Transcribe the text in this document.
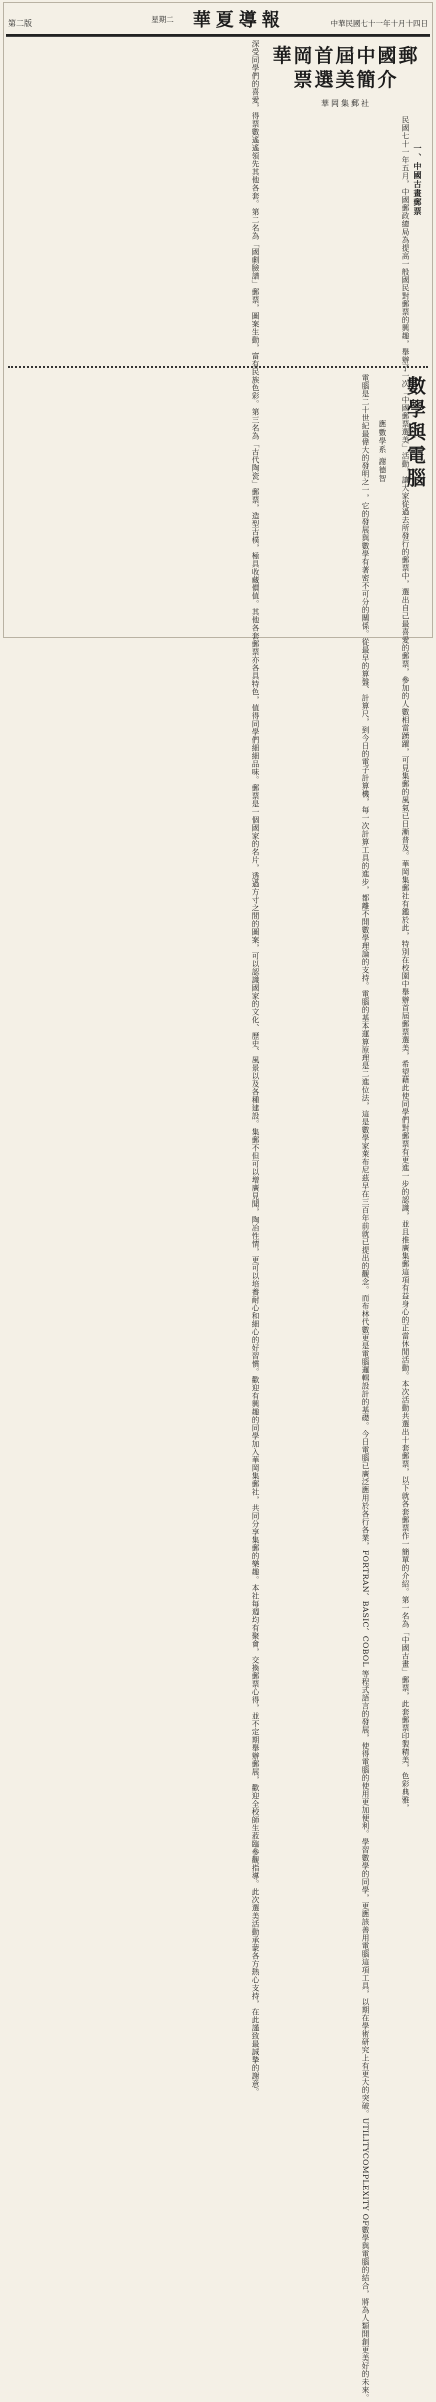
第二版	星期二 華夏導報	中華民國七十一年十月十四日
深受同學們的喜愛，得票數遙遙領先其他各套。第二名為「國劇臉譜」郵票，圖案生動，富有民族色彩。第三名為「古代陶瓷」郵票，造型古樸，極具收藏價值。其他各套郵票亦各具特色，值得同學們細細品味。郵票是一個國家的名片，透過方寸之間的圖案，可以認識國家的文化、歷史、風景以及各種建設。集郵不但可以增廣見聞，陶冶性情，更可以培養耐心和細心的好習慣。歡迎有興趣的同學加入華岡集郵社，共同分享集郵的樂趣。本社每週均有聚會，交換郵票心得，並不定期舉辦郵展，歡迎全校師生蒞臨參觀指導。此次選美活動承蒙各方熱心支持，在此謹致最誠摯的謝意。 華岡首屆中國郵票選美簡介
華岡集郵社
民國七十一年五月，中國郵政總局為提高一般國民對郵票的興趣，舉辦了一次「中國郵票選美」活動，讓大家從過去所發行的郵票中，選出自己最喜愛的郵票，參加的人數相當踴躍，可見集郵的風氣已日漸普及。華岡集郵社有鑑於此，特別在校園中舉辦首屆郵票選美，希望藉此使同學們對郵票有更進一步的認識，並且推廣集郵這項有益身心的正當休閒活動。本次活動共選出十套郵票，以下就各套郵票作一簡單的介紹。第一名為「中國古畫」郵票，此套郵票印製精美，色彩典雅， 一、中國古畫郵票
數學與電腦
應數學系 謝德智
電腦是二十世紀最偉大的發明之一，它的發展與數學有著密不可分的關係。從最早的算盤、計算尺，到今日的電子計算機，每一次計算工具的進步，都離不開數學理論的支持。電腦的基本運算原理是二進位法，這是數學家萊布尼茲早在三百年前就已提出的觀念。而布林代數更是電腦邏輯設計的基礎。今日電腦已廣泛應用於各行各業，FORTRAN、BASIC、COBOL 等程式語言的發展，使得電腦的使用更加便利。學習數學的同學，更應該善用電腦這項工具，以期在學術研究上有更大的突破。UTILITYCOMPLEXITY OF數學與電腦的結合，將為人類開創更美好的未來。
